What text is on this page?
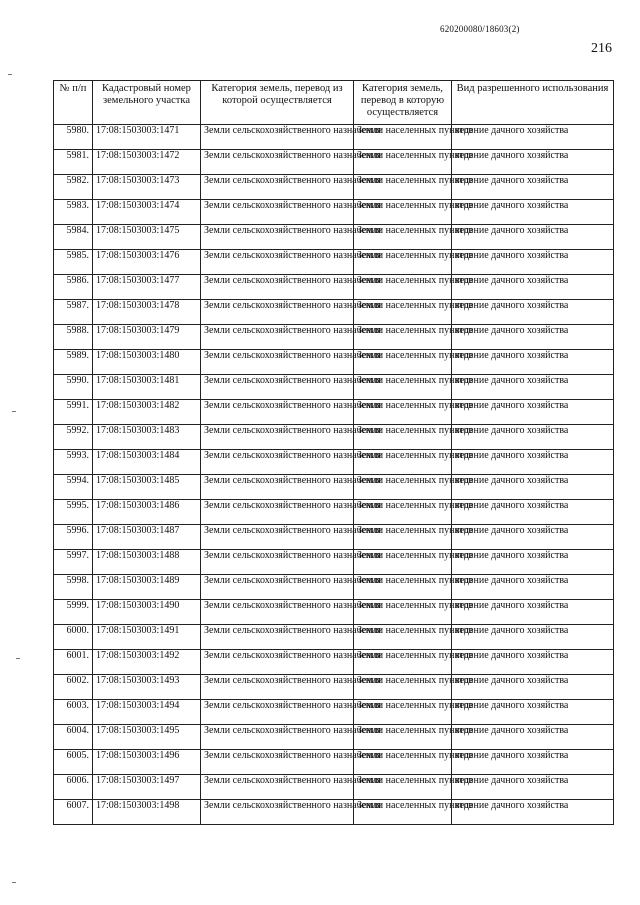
620200080/18603(2)
216
№ п/п	Кадастровый номер земельного участка	Категория земель, перевод из которой осуществляется	Категория земель, перевод в которую осуществляется	Вид разрешенного использования
5980.	17:08:1503003:1471	Земли сельскохозяйственного назначения	Земли населенных пунктов	ведение дачного хозяйства
5981.	17:08:1503003:1472	Земли сельскохозяйственного назначения	Земли населенных пунктов	ведение дачного хозяйства
5982.	17:08:1503003:1473	Земли сельскохозяйственного назначения	Земли населенных пунктов	ведение дачного хозяйства
5983.	17:08:1503003:1474	Земли сельскохозяйственного назначения	Земли населенных пунктов	ведение дачного хозяйства
5984.	17:08:1503003:1475	Земли сельскохозяйственного назначения	Земли населенных пунктов	ведение дачного хозяйства
5985.	17:08:1503003:1476	Земли сельскохозяйственного назначения	Земли населенных пунктов	ведение дачного хозяйства
5986.	17:08:1503003:1477	Земли сельскохозяйственного назначения	Земли населенных пунктов	ведение дачного хозяйства
5987.	17:08:1503003:1478	Земли сельскохозяйственного назначения	Земли населенных пунктов	ведение дачного хозяйства
5988.	17:08:1503003:1479	Земли сельскохозяйственного назначения	Земли населенных пунктов	ведение дачного хозяйства
5989.	17:08:1503003:1480	Земли сельскохозяйственного назначения	Земли населенных пунктов	ведение дачного хозяйства
5990.	17:08:1503003:1481	Земли сельскохозяйственного назначения	Земли населенных пунктов	ведение дачного хозяйства
5991.	17:08:1503003:1482	Земли сельскохозяйственного назначения	Земли населенных пунктов	ведение дачного хозяйства
5992.	17:08:1503003:1483	Земли сельскохозяйственного назначения	Земли населенных пунктов	ведение дачного хозяйства
5993.	17:08:1503003:1484	Земли сельскохозяйственного назначения	Земли населенных пунктов	ведение дачного хозяйства
5994.	17:08:1503003:1485	Земли сельскохозяйственного назначения	Земли населенных пунктов	ведение дачного хозяйства
5995.	17:08:1503003:1486	Земли сельскохозяйственного назначения	Земли населенных пунктов	ведение дачного хозяйства
5996.	17:08:1503003:1487	Земли сельскохозяйственного назначения	Земли населенных пунктов	ведение дачного хозяйства
5997.	17:08:1503003:1488	Земли сельскохозяйственного назначения	Земли населенных пунктов	ведение дачного хозяйства
5998.	17:08:1503003:1489	Земли сельскохозяйственного назначения	Земли населенных пунктов	ведение дачного хозяйства
5999.	17:08:1503003:1490	Земли сельскохозяйственного назначения	Земли населенных пунктов	ведение дачного хозяйства
6000.	17:08:1503003:1491	Земли сельскохозяйственного назначения	Земли населенных пунктов	ведение дачного хозяйства
6001.	17:08:1503003:1492	Земли сельскохозяйственного назначения	Земли населенных пунктов	ведение дачного хозяйства
6002.	17:08:1503003:1493	Земли сельскохозяйственного назначения	Земли населенных пунктов	ведение дачного хозяйства
6003.	17:08:1503003:1494	Земли сельскохозяйственного назначения	Земли населенных пунктов	ведение дачного хозяйства
6004.	17:08:1503003:1495	Земли сельскохозяйственного назначения	Земли населенных пунктов	ведение дачного хозяйства
6005.	17:08:1503003:1496	Земли сельскохозяйственного назначения	Земли населенных пунктов	ведение дачного хозяйства
6006.	17:08:1503003:1497	Земли сельскохозяйственного назначения	Земли населенных пунктов	ведение дачного хозяйства
6007.	17:08:1503003:1498	Земли сельскохозяйственного назначения	Земли населенных пунктов	ведение дачного хозяйства
